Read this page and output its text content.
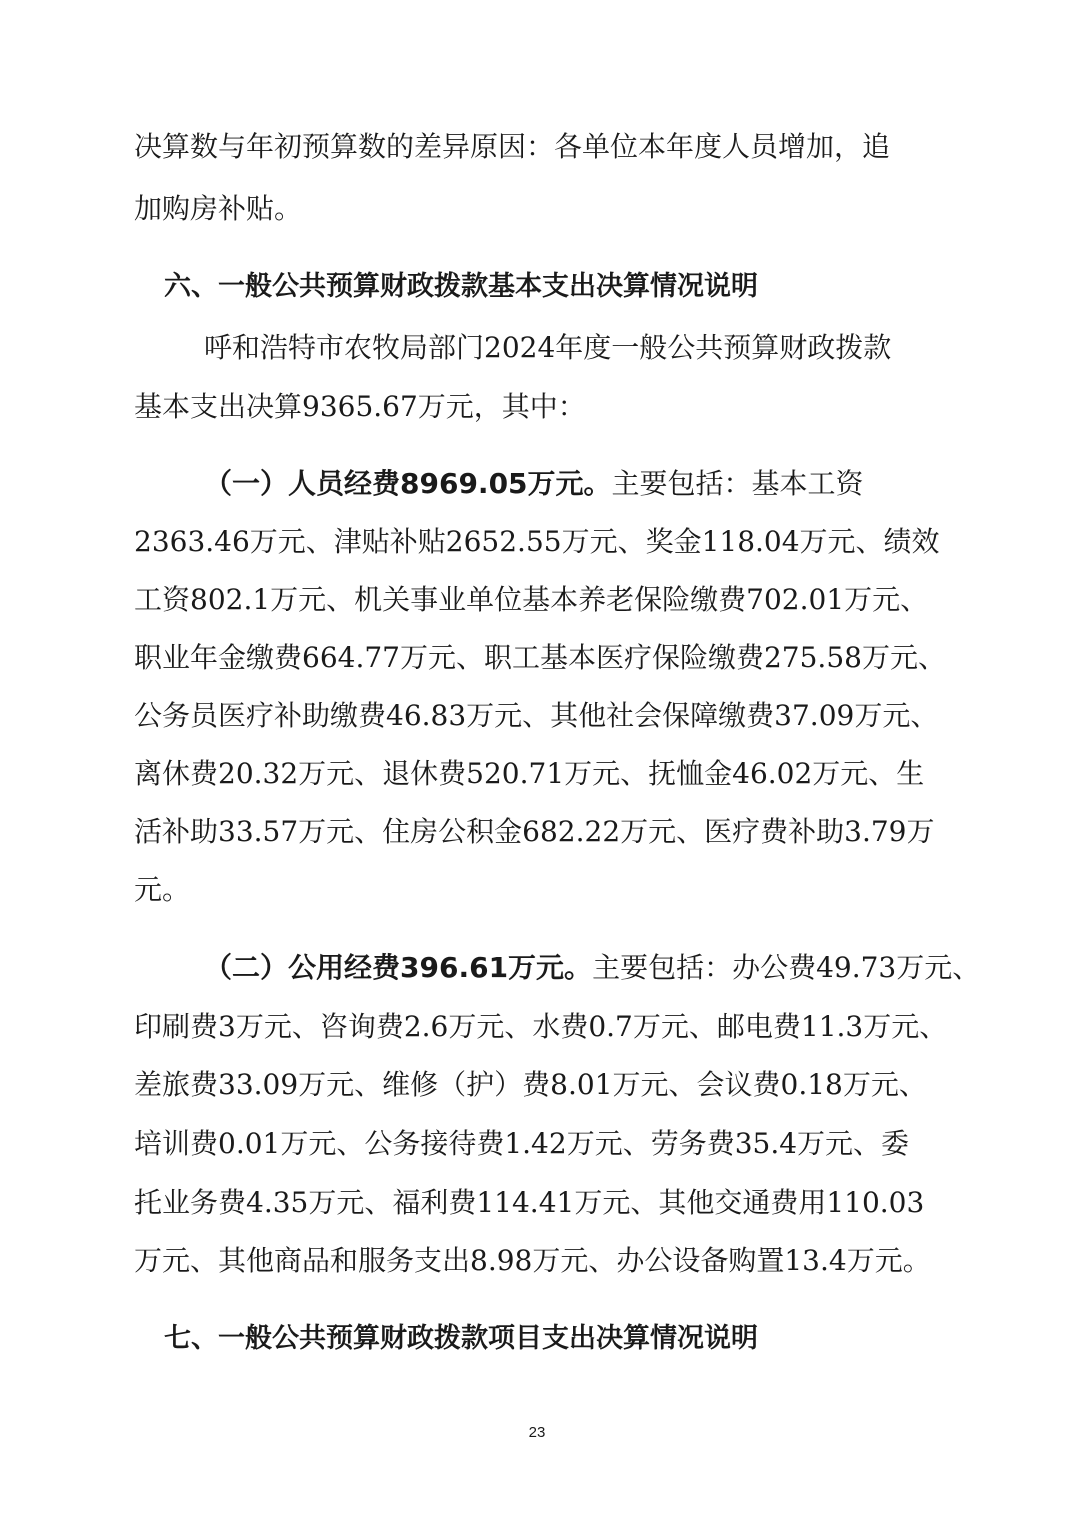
决算数与年初预算数的差异原因：各单位本年度人员增加，追
加购房补贴。
六、一般公共预算财政拨款基本支出决算情况说明
呼和浩特市农牧局部门2024年度一般公共预算财政拨款
基本支出决算9365.67万元，其中：
（一）人员经费8969.05万元。主要包括：基本工资
2363.46万元、津贴补贴2652.55万元、奖金118.04万元、绩效
工资802.1万元、机关事业单位基本养老保险缴费702.01万元、
职业年金缴费664.77万元、职工基本医疗保险缴费275.58万元、
公务员医疗补助缴费46.83万元、其他社会保障缴费37.09万元、
离休费20.32万元、退休费520.71万元、抚恤金46.02万元、生
活补助33.57万元、住房公积金682.22万元、医疗费补助3.79万
元。
（二）公用经费396.61万元。主要包括：办公费49.73万元、
印刷费3万元、咨询费2.6万元、水费0.7万元、邮电费11.3万元、
差旅费33.09万元、维修（护）费8.01万元、会议费0.18万元、
培训费0.01万元、公务接待费1.42万元、劳务费35.4万元、委
托业务费4.35万元、福利费114.41万元、其他交通费用110.03
万元、其他商品和服务支出8.98万元、办公设备购置13.4万元。
七、一般公共预算财政拨款项目支出决算情况说明
23
